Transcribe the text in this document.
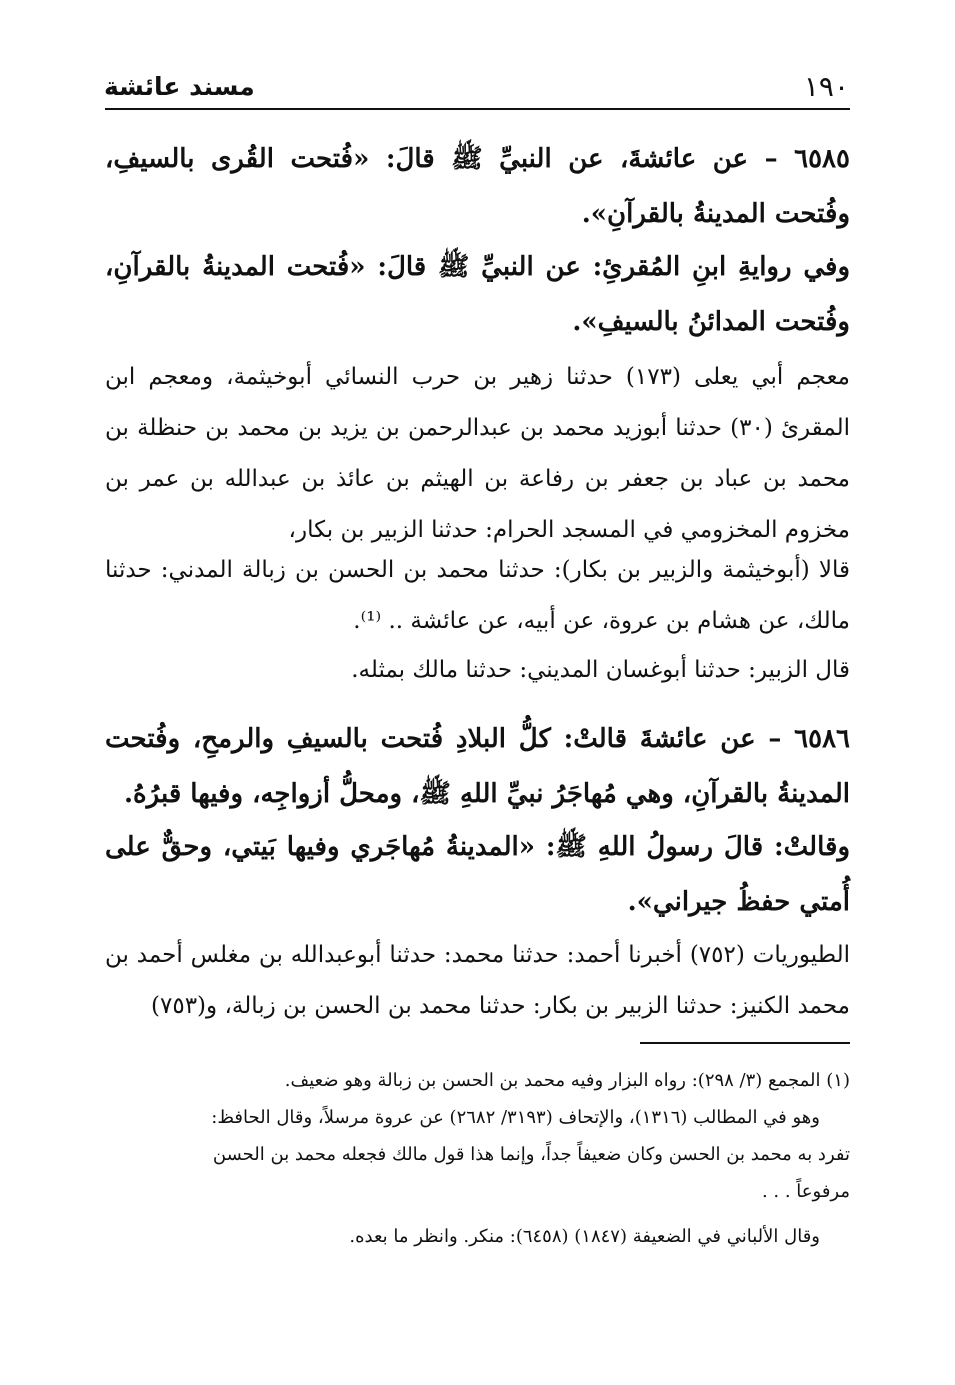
١٩٠
مسند عائشة
٦٥٨٥ – عن عائشةَ، عن النبيِّ ﷺ قالَ: «فُتحت القُرى بالسيفِ، وفُتحت المدينةُ بالقرآنِ».
وفي روايةِ ابنِ المُقرئِ: عن النبيِّ ﷺ قالَ: «فُتحت المدينةُ بالقرآنِ، وفُتحت المدائنُ بالسيفِ».
معجم أبي يعلى (١٧٣) حدثنا زهير بن حرب النسائي أبوخيثمة، ومعجم ابن المقرئ (٣٠) حدثنا أبوزيد محمد بن عبدالرحمن بن يزيد بن محمد بن حنظلة بن محمد بن عباد بن جعفر بن رفاعة بن الهيثم بن عائذ بن عبدالله بن عمر بن مخزوم المخزومي في المسجد الحرام: حدثنا الزبير بن بكار،
قالا (أبوخيثمة والزبير بن بكار): حدثنا محمد بن الحسن بن زبالة المدني: حدثنا مالك، عن هشام بن عروة، عن أبيه، عن عائشة .. ⁽¹⁾.
قال الزبير: حدثنا أبوغسان المديني: حدثنا مالك بمثله.
٦٥٨٦ – عن عائشةَ قالتْ: كلُّ البلادِ فُتحت بالسيفِ والرمحِ، وفُتحت المدينةُ بالقرآنِ، وهي مُهاجَرُ نبيِّ اللهِ ﷺ، ومحلُّ أزواجِه، وفيها قبرُهُ.
وقالتْ: قالَ رسولُ اللهِ ﷺ: «المدينةُ مُهاجَري وفيها بَيتي، وحقٌّ على أُمتي حفظُ جيراني».
الطيوريات (٧٥٢) أخبرنا أحمد: حدثنا محمد: حدثنا أبوعبدالله بن مغلس أحمد بن محمد الكنيز: حدثنا الزبير بن بكار: حدثنا محمد بن الحسن بن زبالة، و(٧٥٣)
(١) المجمع (٣/ ٢٩٨): رواه البزار وفيه محمد بن الحسن بن زبالة وهو ضعيف.
وهو في المطالب (١٣١٦)، والإتحاف (٣١٩٣/ ٢٦٨٢) عن عروة مرسلاً، وقال الحافظ:
تفرد به محمد بن الحسن وكان ضعيفاً جداً، وإنما هذا قول مالك فجعله محمد بن الحسن
مرفوعاً . . .
وقال الألباني في الضعيفة (١٨٤٧) (٦٤٥٨): منكر. وانظر ما بعده.
